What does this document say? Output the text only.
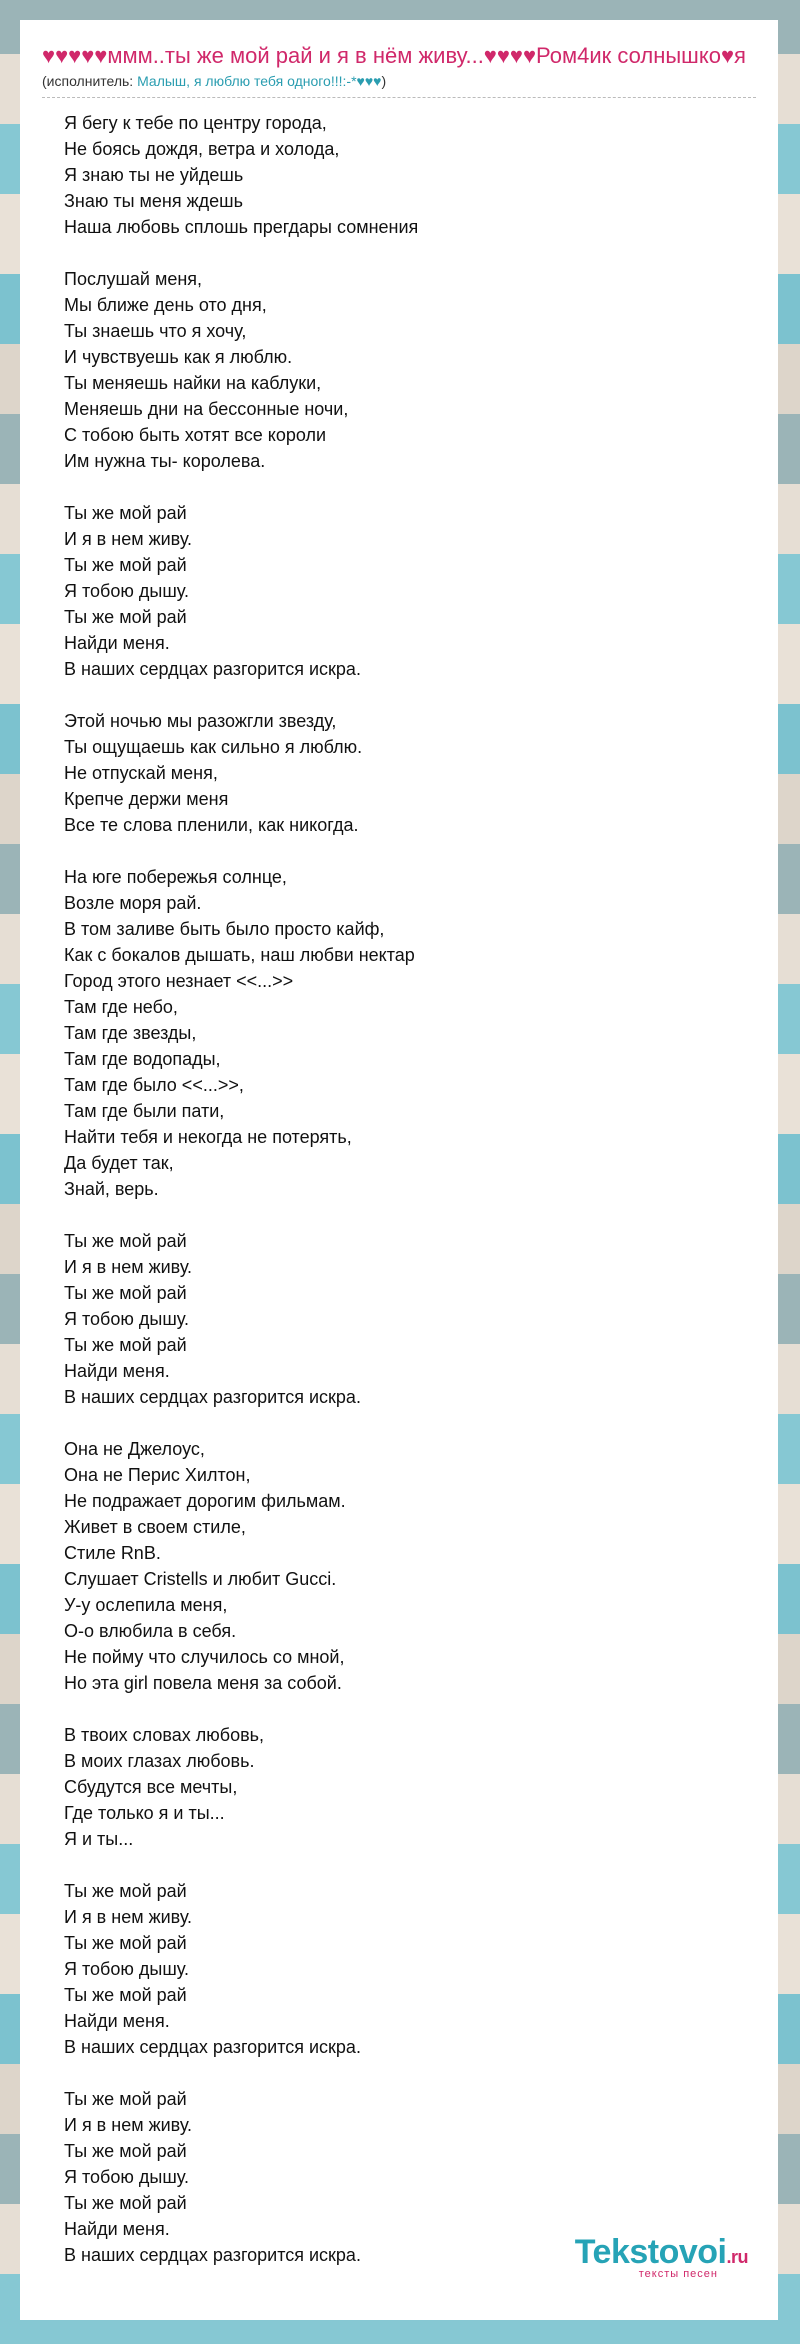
♥♥♥♥♥ммм..ты же мой рай и я в нём живу...♥♥♥♥Ром4ик солнышко♥я
(исполнитель: Малыш, я люблю тебя одного!!!:-*♥♥♥)
Я бегу к тебе по центру города,
Не боясь дождя, ветра и холода,
Я знаю ты не уйдешь
Знаю ты меня ждешь
Наша любовь сплошь прегдары сомнения
Послушай меня,
Мы ближе день ото дня,
Ты знаешь что я хочу,
И чувствуешь как я люблю.
Ты меняешь найки на каблуки,
Меняешь дни на бессонные ночи,
С тобою быть хотят все короли
Им нужна ты- королева.
Ты же мой рай
И я в нем живу.
Ты же мой рай
Я тобою дышу.
Ты же мой рай
Найди меня.
В наших сердцах разгорится искра.
Этой ночью мы разожгли звезду,
Ты ощущаешь как сильно я люблю.
Не отпускай меня,
Крепче держи меня
Все те слова пленили, как никогда.
На юге побережья солнце,
Возле моря рай.
В том заливе быть было просто кайф,
Как с бокалов дышать, наш любви нектар
Город этого незнает <<...>>
Там где небо,
Там где звезды,
Там где водопады,
Там где было <<...>>,
Там где были пати,
Найти тебя и некогда не потерять,
Да будет так,
Знай, верь.
Ты же мой рай
И я в нем живу.
Ты же мой рай
Я тобою дышу.
Ты же мой рай
Найди меня.
В наших сердцах разгорится искра.
Она не Джелоус,
Она не Перис Хилтон,
Не подражает дорогим фильмам.
Живет в своем стиле,
Стиле RnB.
Слушает Cristells и любит Gucci.
У-у ослепила меня,
О-о влюбила в себя.
Не пойму что случилось со мной,
Но эта girl повела меня за собой.
В твоих словах любовь,
В моих глазах любовь.
Сбудутся все мечты,
Где только я и ты...
Я и ты...
Ты же мой рай
И я в нем живу.
Ты же мой рай
Я тобою дышу.
Ты же мой рай
Найди меня.
В наших сердцах разгорится искра.
Ты же мой рай
И я в нем живу.
Ты же мой рай
Я тобою дышу.
Ты же мой рай
Найди меня.
В наших сердцах разгорится искра.	Tekstovoi.ru
тексты песен
